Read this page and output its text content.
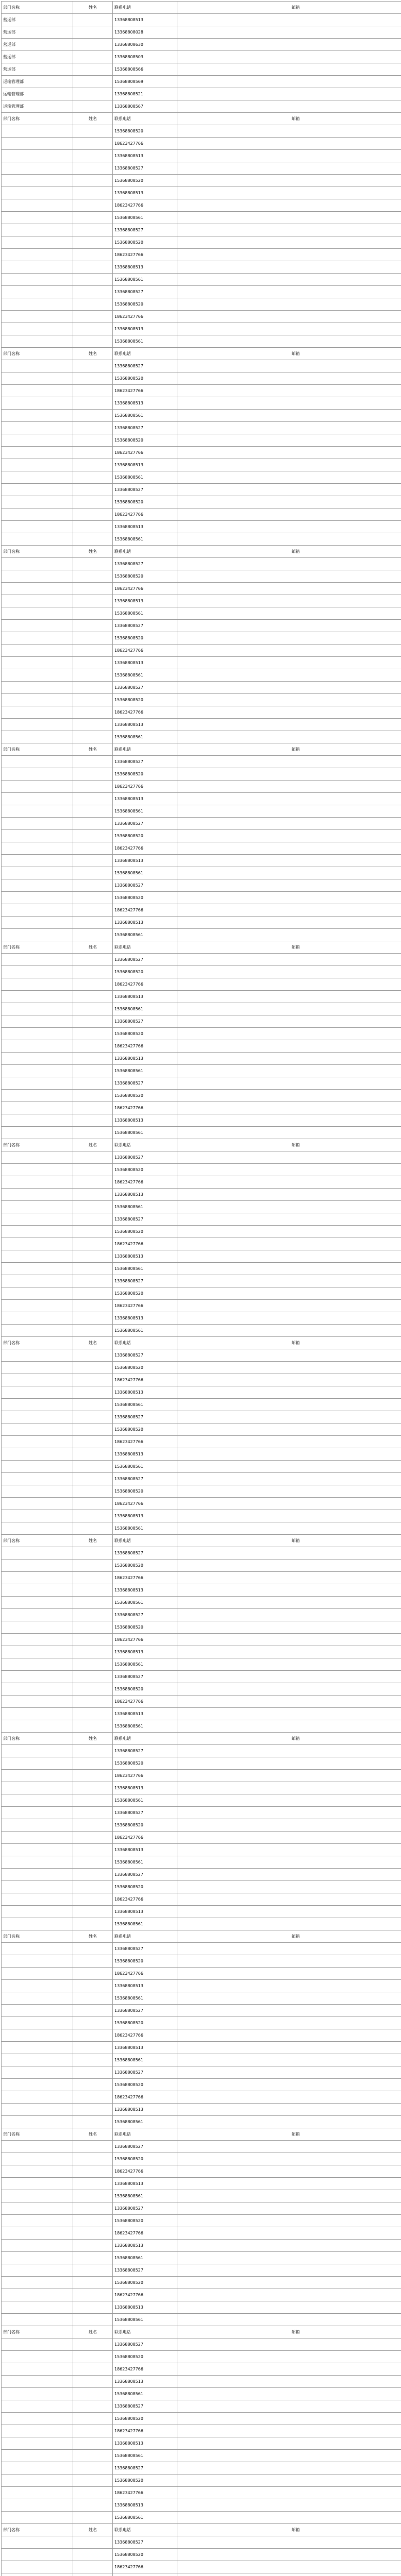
部门名称	姓名	联系电话	邮箱
营运部		13368808513	
营运部		13368808028	
营运部		13368808630	
营运部		13368808503	
营运部		15368808566	
运输管理部		15368808569	
运输管理部		13368808521	
运输管理部		13368808567	
部门名称	姓名	联系电话	邮箱
		15368808520	
		18623427766	
		13368808513	
		13368808527	
		15368808520	
		13368808513	
		18623427766	
		15368808561	
		13368808527	
		15368808520	
		18623427766	
		13368808513	
		15368808561	
		13368808527	
		15368808520	
		18623427766	
		13368808513	
		15368808561	
部门名称	姓名	联系电话	邮箱
		13368808527	
		15368808520	
		18623427766	
		13368808513	
		15368808561	
		13368808527	
		15368808520	
		18623427766	
		13368808513	
		15368808561	
		13368808527	
		15368808520	
		18623427766	
		13368808513	
		15368808561	
部门名称	姓名	联系电话	邮箱
		13368808527	
		15368808520	
		18623427766	
		13368808513	
		15368808561	
		13368808527	
		15368808520	
		18623427766	
		13368808513	
		15368808561	
		13368808527	
		15368808520	
		18623427766	
		13368808513	
		15368808561	
部门名称	姓名	联系电话	邮箱
		13368808527	
		15368808520	
		18623427766	
		13368808513	
		15368808561	
		13368808527	
		15368808520	
		18623427766	
		13368808513	
		15368808561	
		13368808527	
		15368808520	
		18623427766	
		13368808513	
		15368808561	
部门名称	姓名	联系电话	邮箱
		13368808527	
		15368808520	
		18623427766	
		13368808513	
		15368808561	
		13368808527	
		15368808520	
		18623427766	
		13368808513	
		15368808561	
		13368808527	
		15368808520	
		18623427766	
		13368808513	
		15368808561	
部门名称	姓名	联系电话	邮箱
		13368808527	
		15368808520	
		18623427766	
		13368808513	
		15368808561	
		13368808527	
		15368808520	
		18623427766	
		13368808513	
		15368808561	
		13368808527	
		15368808520	
		18623427766	
		13368808513	
		15368808561	
部门名称	姓名	联系电话	邮箱
		13368808527	
		15368808520	
		18623427766	
		13368808513	
		15368808561	
		13368808527	
		15368808520	
		18623427766	
		13368808513	
		15368808561	
		13368808527	
		15368808520	
		18623427766	
		13368808513	
		15368808561	
部门名称	姓名	联系电话	邮箱
		13368808527	
		15368808520	
		18623427766	
		13368808513	
		15368808561	
		13368808527	
		15368808520	
		18623427766	
		13368808513	
		15368808561	
		13368808527	
		15368808520	
		18623427766	
		13368808513	
		15368808561	
部门名称	姓名	联系电话	邮箱
		13368808527	
		15368808520	
		18623427766	
		13368808513	
		15368808561	
		13368808527	
		15368808520	
		18623427766	
		13368808513	
		15368808561	
		13368808527	
		15368808520	
		18623427766	
		13368808513	
		15368808561	
部门名称	姓名	联系电话	邮箱
		13368808527	
		15368808520	
		18623427766	
		13368808513	
		15368808561	
		13368808527	
		15368808520	
		18623427766	
		13368808513	
		15368808561	
		13368808527	
		15368808520	
		18623427766	
		13368808513	
		15368808561	
部门名称	姓名	联系电话	邮箱
		13368808527	
		15368808520	
		18623427766	
		13368808513	
		15368808561	
		13368808527	
		15368808520	
		18623427766	
		13368808513	
		15368808561	
		13368808527	
		15368808520	
		18623427766	
		13368808513	
		15368808561	
部门名称	姓名	联系电话	邮箱
		13368808527	
		15368808520	
		18623427766	
		13368808513	
		15368808561	
		13368808527	
		15368808520	
		18623427766	
		13368808513	
		15368808561	
		13368808527	
		15368808520	
		18623427766	
		13368808513	
		15368808561	
部门名称	姓名	联系电话	邮箱
		13368808527	
		15368808520	
		18623427766	
